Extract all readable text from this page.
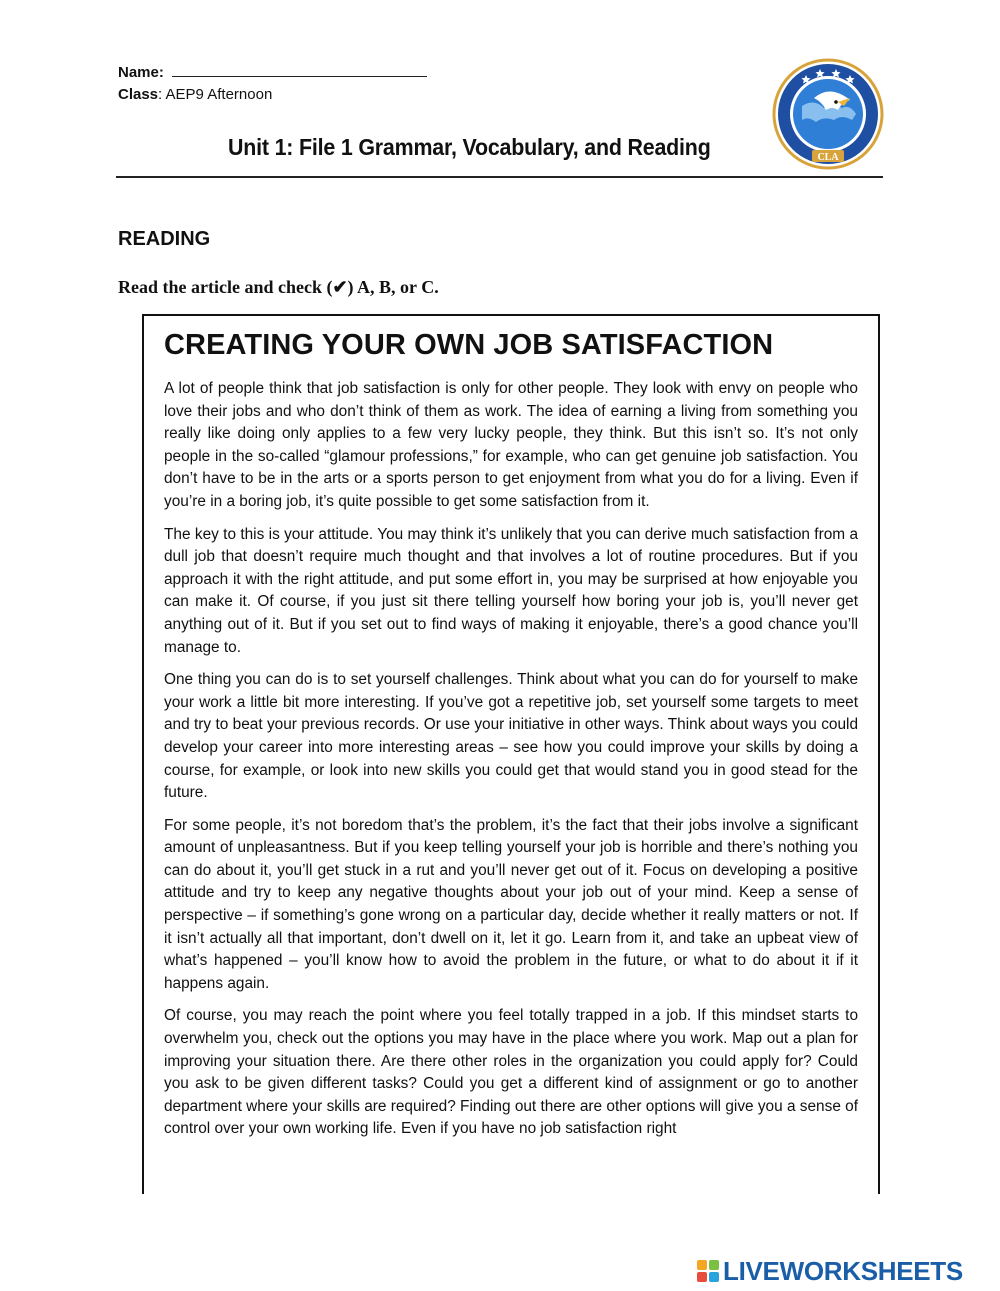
Name:
Class: AEP9 Afternoon
Unit 1: File 1 Grammar, Vocabulary, and Reading	CLA
READING
Read the article and check (✔) A, B, or C.
CREATING YOUR OWN JOB SATISFACTION

A lot of people think that job satisfaction is only for other people. They look with envy on people who love their jobs and who don’t think of them as work. The idea of earning a living from something you really like doing only applies to a few very lucky people, they think. But this isn’t so. It’s not only people in the so-called “glamour professions,” for example, who can get genuine job satisfaction. You don’t have to be in the arts or a sports person to get enjoyment from what you do for a living. Even if you’re in a boring job, it’s quite possible to get some satisfaction from it.

The key to this is your attitude. You may think it’s unlikely that you can derive much satisfaction from a dull job that doesn’t require much thought and that involves a lot of routine procedures. But if you approach it with the right attitude, and put some effort in, you may be surprised at how enjoyable you can make it. Of course, if you just sit there telling yourself how boring your job is, you’ll never get anything out of it. But if you set out to find ways of making it enjoyable, there’s a good chance you’ll manage to.

One thing you can do is to set yourself challenges. Think about what you can do for yourself to make your work a little bit more interesting. If you’ve got a repetitive job, set yourself some targets to meet and try to beat your previous records. Or use your initiative in other ways. Think about ways you could develop your career into more interesting areas – see how you could improve your skills by doing a course, for example, or look into new skills you could get that would stand you in good stead for the future.

For some people, it’s not boredom that’s the problem, it’s the fact that their jobs involve a significant amount of unpleasantness. But if you keep telling yourself your job is horrible and there’s nothing you can do about it, you’ll get stuck in a rut and you’ll never get out of it. Focus on developing a positive attitude and try to keep any negative thoughts about your job out of your mind. Keep a sense of perspective – if something’s gone wrong on a particular day, decide whether it really matters or not. If it isn’t actually all that important, don’t dwell on it, let it go. Learn from it, and take an upbeat view of what’s happened – you’ll know how to avoid the problem in the future, or what to do about it if it happens again.

Of course, you may reach the point where you feel totally trapped in a job. If this mindset starts to overwhelm you, check out the options you may have in the place where you work. Map out a plan for improving your situation there. Are there other roles in the organization you could apply for? Could you ask to be given different tasks? Could you get a different kind of assignment or go to another department where your skills are required? Finding out there are other options will give you a sense of control over your own working life. Even if you have no job satisfaction right

LIVEWORKSHEETS
